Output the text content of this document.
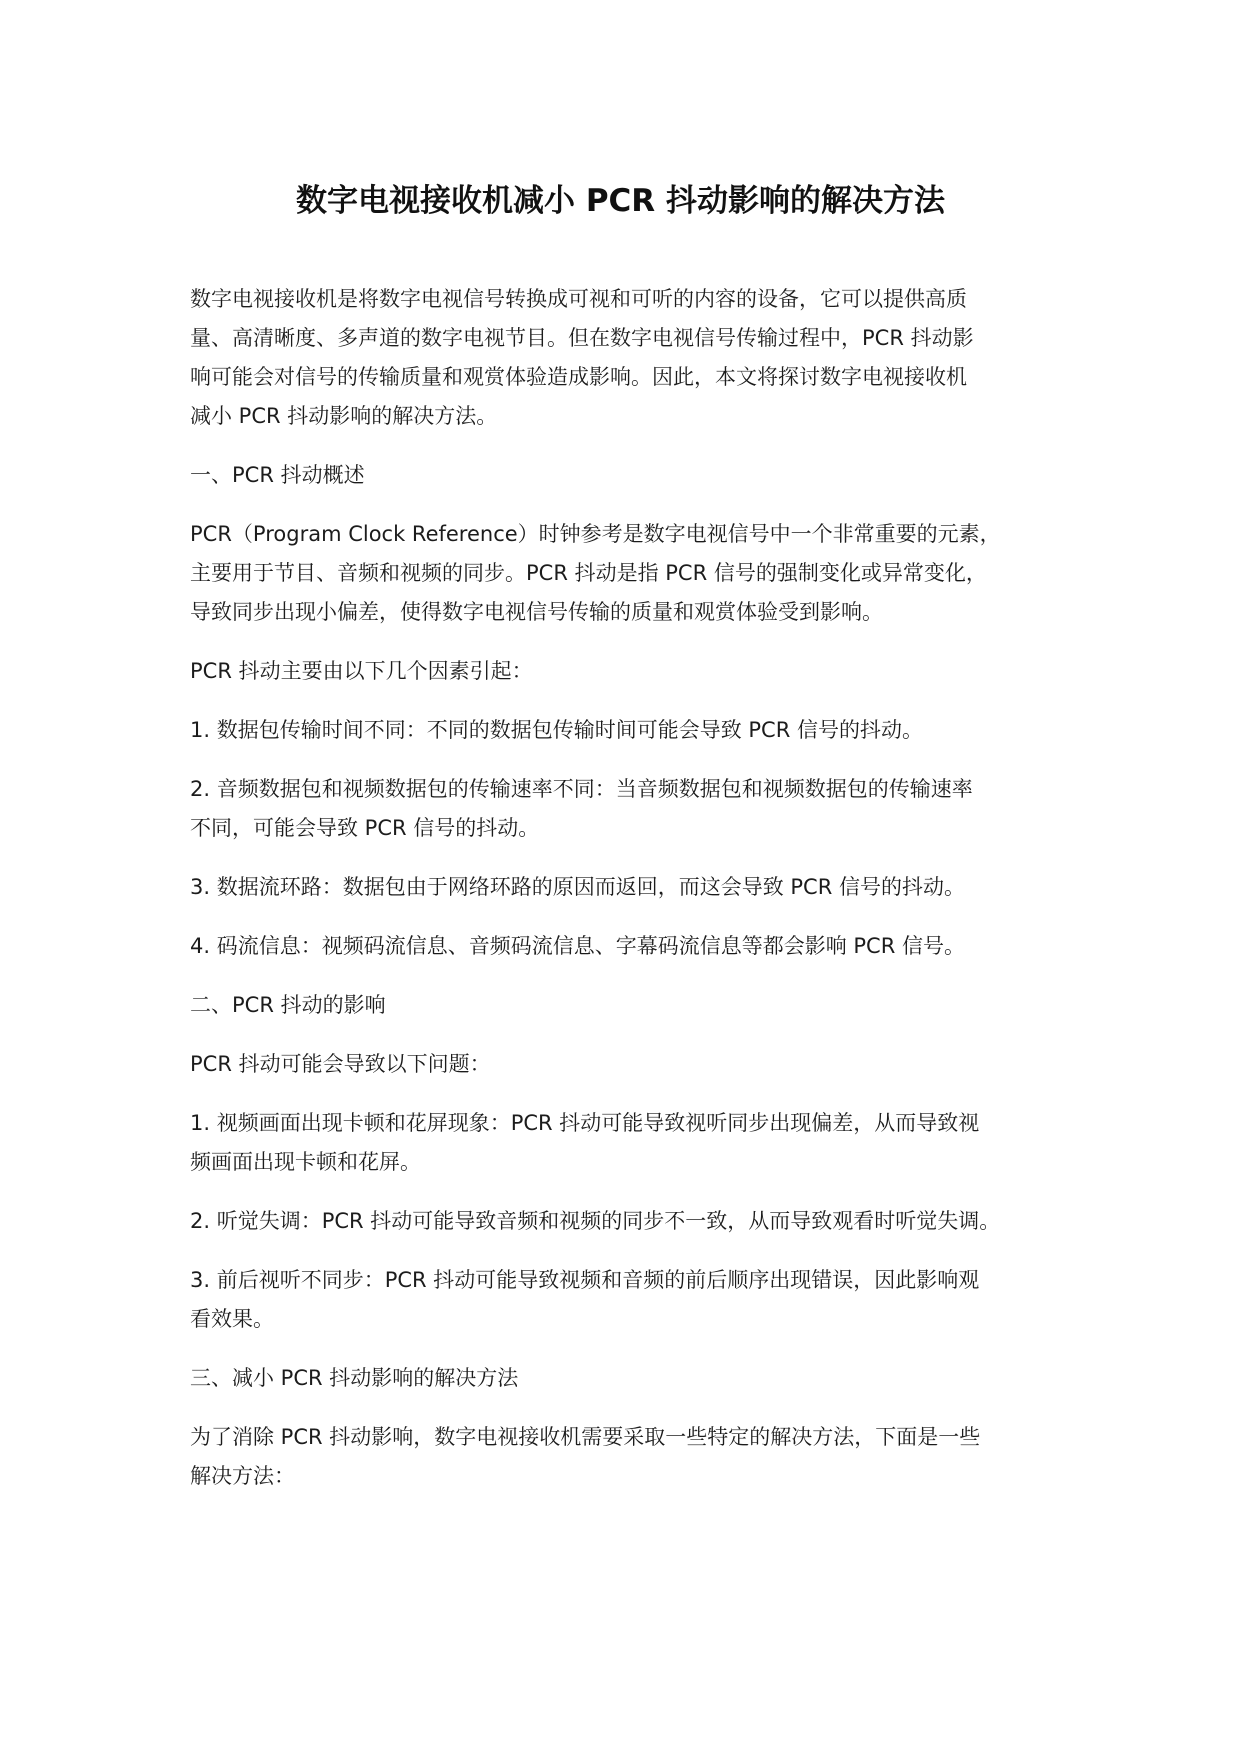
数字电视接收机减小 PCR 抖动影响的解决方法

数字电视接收机是将数字电视信号转换成可视和可听的内容的设备，它可以提供高质
量、高清晰度、多声道的数字电视节目。但在数字电视信号传输过程中，PCR 抖动影
响可能会对信号的传输质量和观赏体验造成影响。因此，本文将探讨数字电视接收机
减小 PCR 抖动影响的解决方法。

一、PCR 抖动概述

PCR（Program Clock Reference）时钟参考是数字电视信号中一个非常重要的元素，
主要用于节目、音频和视频的同步。PCR 抖动是指 PCR 信号的强制变化或异常变化，
导致同步出现小偏差，使得数字电视信号传输的质量和观赏体验受到影响。

PCR 抖动主要由以下几个因素引起：

1. 数据包传输时间不同：不同的数据包传输时间可能会导致 PCR 信号的抖动。

2. 音频数据包和视频数据包的传输速率不同：当音频数据包和视频数据包的传输速率
不同，可能会导致 PCR 信号的抖动。

3. 数据流环路：数据包由于网络环路的原因而返回，而这会导致 PCR 信号的抖动。

4. 码流信息：视频码流信息、音频码流信息、字幕码流信息等都会影响 PCR 信号。

二、PCR 抖动的影响

PCR 抖动可能会导致以下问题：

1. 视频画面出现卡顿和花屏现象：PCR 抖动可能导致视听同步出现偏差，从而导致视
频画面出现卡顿和花屏。

2. 听觉失调：PCR 抖动可能导致音频和视频的同步不一致，从而导致观看时听觉失调。

3. 前后视听不同步：PCR 抖动可能导致视频和音频的前后顺序出现错误，因此影响观
看效果。

三、减小 PCR 抖动影响的解决方法

为了消除 PCR 抖动影响，数字电视接收机需要采取一些特定的解决方法，下面是一些
解决方法：
